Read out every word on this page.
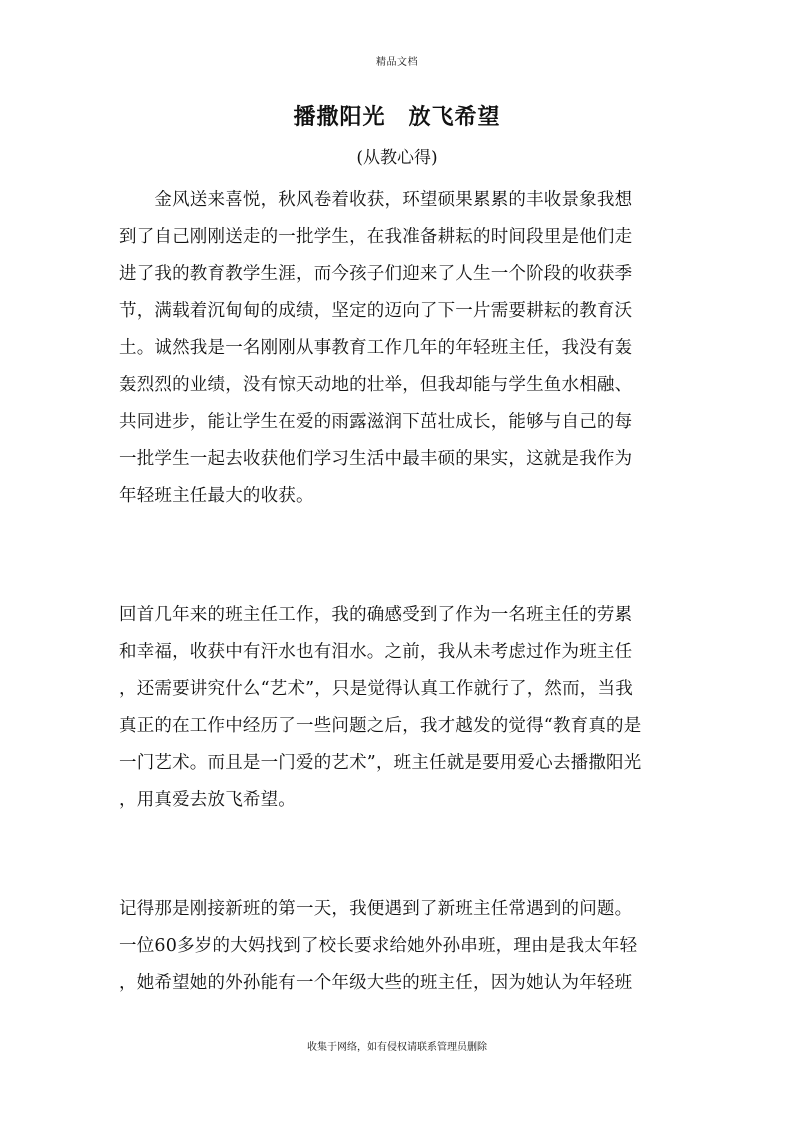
精品文档
播撒阳光　放飞希望
(从教心得)
　　金风送来喜悦，秋风卷着收获，环望硕果累累的丰收景象我想
到了自己刚刚送走的一批学生，在我准备耕耘的时间段里是他们走
进了我的教育教学生涯，而今孩子们迎来了人生一个阶段的收获季
节，满载着沉甸甸的成绩，坚定的迈向了下一片需要耕耘的教育沃
土。诚然我是一名刚刚从事教育工作几年的年轻班主任，我没有轰
轰烈烈的业绩，没有惊天动地的壮举，但我却能与学生鱼水相融、
共同进步，能让学生在爱的雨露滋润下茁壮成长，能够与自己的每
一批学生一起去收获他们学习生活中最丰硕的果实，这就是我作为
年轻班主任最大的收获。
回首几年来的班主任工作，我的确感受到了作为一名班主任的劳累
和幸福，收获中有汗水也有泪水。之前，我从未考虑过作为班主任
，还需要讲究什么“艺术”，只是觉得认真工作就行了，然而，当我
真正的在工作中经历了一些问题之后，我才越发的觉得“教育真的是
一门艺术。而且是一门爱的艺术”，班主任就是要用爱心去播撒阳光
，用真爱去放飞希望。
记得那是刚接新班的第一天，我便遇到了新班主任常遇到的问题。
一位60多岁的大妈找到了校长要求给她外孙串班，理由是我太年轻
，她希望她的外孙能有一个年级大些的班主任，因为她认为年轻班
收集于网络，如有侵权请联系管理员删除
